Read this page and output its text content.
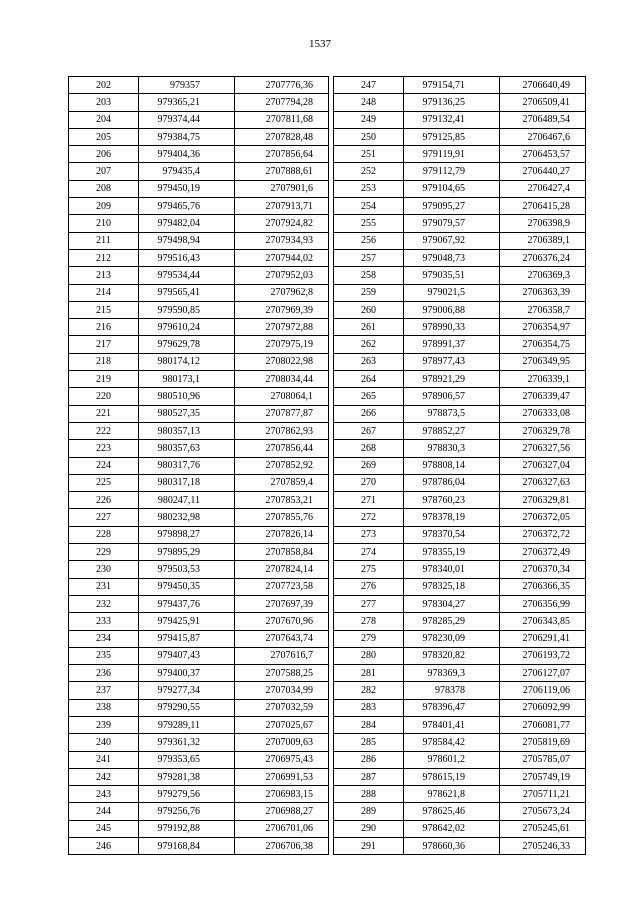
1537
202	979357	2707776,36
203	979365,21	2707794,28
204	979374,44	2707811,68
205	979384,75	2707828,48
206	979404,36	2707856,64
207	979435,4	2707888,61
208	979450,19	2707901,6
209	979465,76	2707913,71
210	979482,04	2707924,82
211	979498,94	2707934,93
212	979516,43	2707944,02
213	979534,44	2707952,03
214	979565,41	2707962,8
215	979590,85	2707969,39
216	979610,24	2707972,88
217	979629,78	2707975,19
218	980174,12	2708022,98
219	980173,1	2708034,44
220	980510,96	2708064,1
221	980527,35	2707877,87
222	980357,13	2707862,93
223	980357,63	2707856,44
224	980317,76	2707852,92
225	980317,18	2707859,4
226	980247,11	2707853,21
227	980232,98	2707855,76
228	979898,27	2707826,14
229	979895,29	2707858,84
230	979503,53	2707824,14
231	979450,35	2707723,58
232	979437,76	2707697,39
233	979425,91	2707670,96
234	979415,87	2707643,74
235	979407,43	2707616,7
236	979400,37	2707588,25
237	979277,34	2707034,99
238	979290,55	2707032,59
239	979289,11	2707025,67
240	979361,32	2707009,63
241	979353,65	2706975,43
242	979281,38	2706991,53
243	979279,56	2706983,15
244	979256,76	2706988,27
245	979192,88	2706701,06
246	979168,84	2706706,38
247	979154,71	2706640,49
248	979136,25	2706509,41
249	979132,41	2706489,54
250	979125,85	2706467,6
251	979119,91	2706453,57
252	979112,79	2706440,27
253	979104,65	2706427,4
254	979095,27	2706415,28
255	979079,57	2706398,9
256	979067,92	2706389,1
257	979048,73	2706376,24
258	979035,51	2706369,3
259	979021,5	2706363,39
260	979006,88	2706358,7
261	978990,33	2706354,97
262	978991,37	2706354,75
263	978977,43	2706349,95
264	978921,29	2706339,1
265	978906,57	2706339,47
266	978873,5	2706333,08
267	978852,27	2706329,78
268	978830,3	2706327,56
269	978808,14	2706327,04
270	978786,04	2706327,63
271	978760,23	2706329,81
272	978378,19	2706372,05
273	978370,54	2706372,72
274	978355,19	2706372,49
275	978340,01	2706370,34
276	978325,18	2706366,35
277	978304,27	2706356,99
278	978285,29	2706343,85
279	978230,09	2706291,41
280	978320,82	2706193,72
281	978369,3	2706127,07
282	978378	2706119,06
283	978396,47	2706092,99
284	978401,41	2706081,77
285	978584,42	2705819,69
286	978601,2	2705785,07
287	978615,19	2705749,19
288	978621,8	2705711,21
289	978625,46	2705673,24
290	978642,02	2705245,61
291	978660,36	2705246,33
